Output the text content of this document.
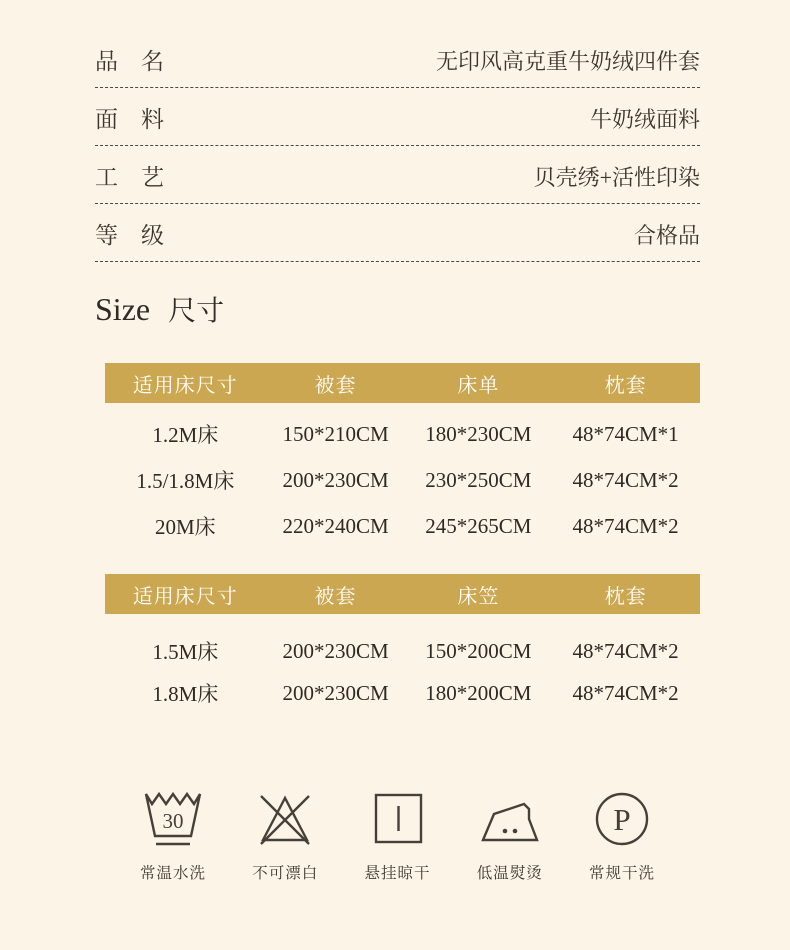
品　名	无印风高克重牛奶绒四件套
面　料	牛奶绒面料
工　艺	贝壳绣+活性印染
等　级	合格品
Size 尺寸
适用床尺寸	被套	床单	枕套
1.2M床	150*210CM	180*230CM	48*74CM*1
1.5/1.8M床	200*230CM	230*250CM	48*74CM*2
20M床	220*240CM	245*265CM	48*74CM*2
适用床尺寸	被套	床笠	枕套
1.5M床	200*230CM	150*200CM	48*74CM*2
1.8M床	200*230CM	180*200CM	48*74CM*2
30
常温水洗	不可漂白	悬挂晾干	低温熨烫
P
常规干洗
